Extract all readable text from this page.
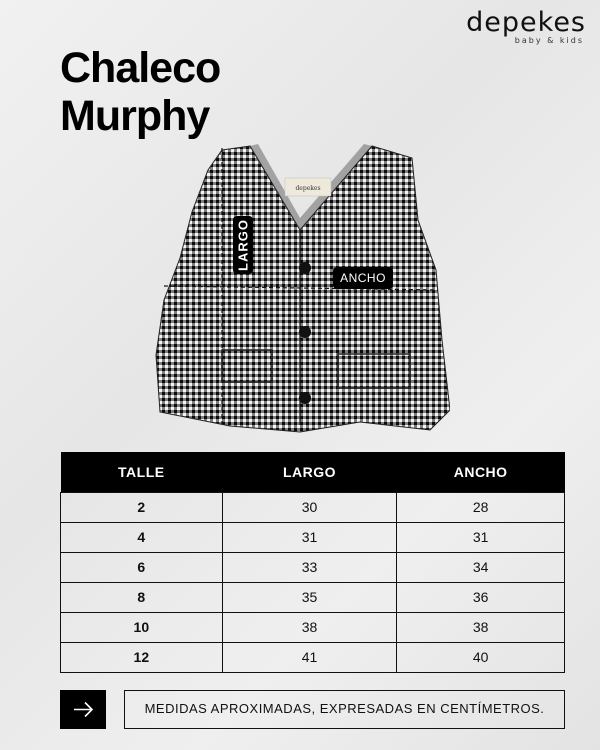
depekes
baby & kids
Chaleco
Murphy
depekes
LARGO
ANCHO
TALLE	LARGO	ANCHO
2	30	28
4	31	31
6	33	34
8	35	36
10	38	38
12	41	40
MEDIDAS APROXIMADAS, EXPRESADAS EN CENTÍMETROS.
